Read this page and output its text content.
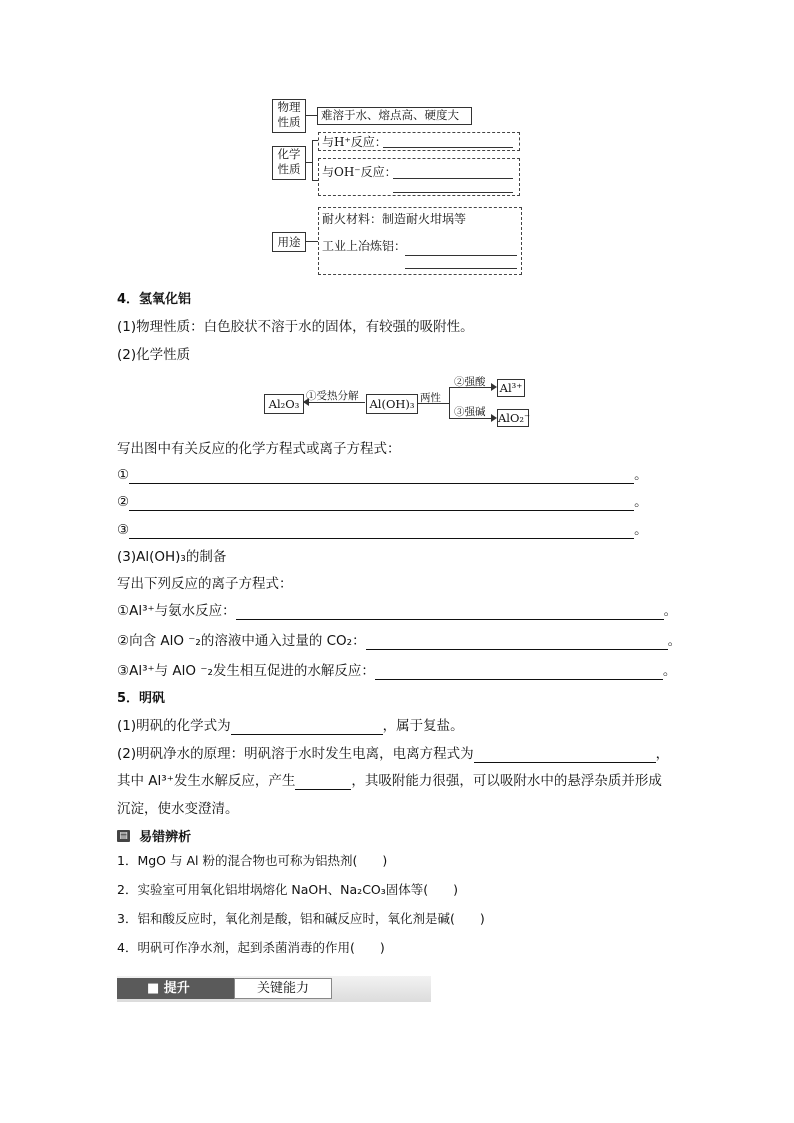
物理
性质	难溶于水、熔点高、硬度大
化学
性质
与H⁺反应：
与OH⁻反应：
用途
耐火材料：制造耐火坩埚等
工业上冶炼铝：
4．氢氧化铝
(1)物理性质：白色胶状不溶于水的固体，有较强的吸附性。
(2)化学性质
Al₂O₃
①受热分解
Al(OH)₃ 两性
②强酸
③强碱
Al³⁺
AlO₂⁻
写出图中有关反应的化学方程式或离子方程式：
①	。
②	。
③	。
(3)Al(OH)₃的制备
写出下列反应的离子方程式：
①Al³⁺与氨水反应：	。
②向含 AlO ⁻₂的溶液中通入过量的 CO₂：	。
③Al³⁺与 AlO ⁻₂发生相互促进的水解反应：	。
5．明矾
(1)明矾的化学式为	，属于复盐。
(2)明矾净水的原理：明矾溶于水时发生电离，电离方程式为	，
其中 Al³⁺发生水解反应，产生	，其吸附能力很强，可以吸附水中的悬浮杂质并形成
沉淀，使水变澄清。
▤ 易错辨析
1．MgO 与 Al 粉的混合物也可称为铝热剂(　　)
2．实验室可用氧化铝坩埚熔化 NaOH、Na₂CO₃固体等(　　)
3．铝和酸反应时，氧化剂是酸，铝和碱反应时，氧化剂是碱(　　)
4．明矾可作净水剂，起到杀菌消毒的作用(　　)
■ 提升	关键能力
